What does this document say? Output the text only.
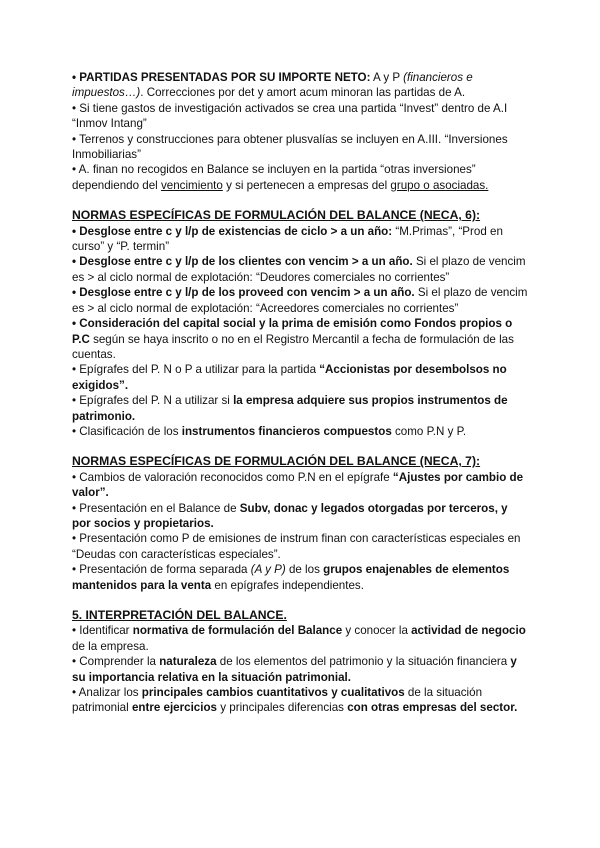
• PARTIDAS PRESENTADAS POR SU IMPORTE NETO: A y P (financieros e impuestos…). Correcciones por det y amort acum minoran las partidas de A.

• Si tiene gastos de investigación activados se crea una partida “Invest” dentro de A.I “Inmov Intang”

• Terrenos y construcciones para obtener plusvalías se incluyen en A.III. “Inversiones Inmobiliarias”

• A. finan no recogidos en Balance se incluyen en la partida “otras inversiones” dependiendo del vencimiento y si pertenecen a empresas del grupo o asociadas.

NORMAS ESPECÍFICAS DE FORMULACIÓN DEL BALANCE (NECA, 6):

• Desglose entre c y l/p de existencias de ciclo > a un año: “M.Primas”, “Prod en curso” y “P. termin”

• Desglose entre c y l/p de los clientes con vencim > a un año. Si el plazo de vencim es > al ciclo normal de explotación: “Deudores comerciales no corrientes”

• Desglose entre c y l/p de los proveed con vencim > a un año. Si el plazo de vencim es > al ciclo normal de explotación: “Acreedores comerciales no corrientes”

• Consideración del capital social y la prima de emisión como Fondos propios o P.C según se haya inscrito o no en el Registro Mercantil a fecha de formulación de las cuentas.

• Epígrafes del P. N o P a utilizar para la partida “Accionistas por desembolsos no exigidos”.

• Epígrafes del P. N a utilizar si la empresa adquiere sus propios instrumentos de patrimonio.

• Clasificación de los instrumentos financieros compuestos como P.N y P.

NORMAS ESPECÍFICAS DE FORMULACIÓN DEL BALANCE (NECA, 7):

• Cambios de valoración reconocidos como P.N en el epígrafe “Ajustes por cambio de valor”.

• Presentación en el Balance de Subv, donac y legados otorgadas por terceros, y por socios y propietarios.

• Presentación como P de emisiones de instrum finan con características especiales en “Deudas con características especiales”.

• Presentación de forma separada (A y P) de los grupos enajenables de elementos mantenidos para la venta en epígrafes independientes.

5. INTERPRETACIÓN DEL BALANCE.

• Identificar normativa de formulación del Balance y conocer la actividad de negocio de la empresa.

• Comprender la naturaleza de los elementos del patrimonio y la situación financiera y su importancia relativa en la situación patrimonial.

• Analizar los principales cambios cuantitativos y cualitativos de la situación patrimonial entre ejercicios y principales diferencias con otras empresas del sector.
